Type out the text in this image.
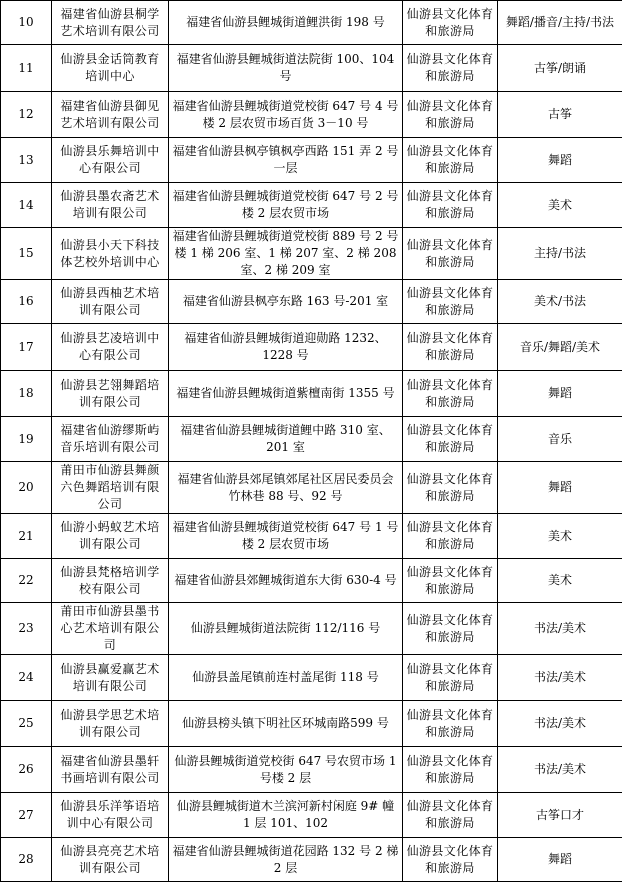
10	福建省仙游县桐学艺术培训有限公司	福建省仙游县鲤城街道鲤洪街 198 号	仙游县文化体育和旅游局	舞蹈/播音/主持/书法
11	仙游县金话筒教育培训中心	福建省仙游县鲤城街道法院街 100、104 号	仙游县文化体育和旅游局	古筝/朗诵
12	福建省仙游县御见艺术培训有限公司	福建省仙游县鲤城街道党校街 647 号 4 号楼 2 层农贸市场百货 3－10 号	仙游县文化体育和旅游局	古筝
13	仙游县乐舞培训中心有限公司	福建省仙游县枫亭镇枫亭西路 151 弄 2 号一层	仙游县文化体育和旅游局	舞蹈
14	仙游县墨农斋艺术培训有限公司	福建省仙游县鲤城街道党校街 647 号 2 号楼 2 层农贸市场	仙游县文化体育和旅游局	美术
15	仙游县小天下科技体艺校外培训中心	福建省仙游县鲤城街道党校街 889 号 2 号楼 1 梯 206 室、1 梯 207 室、2 梯 208 室、2 梯 209 室	仙游县文化体育和旅游局	主持/书法
16	仙游县西柚艺术培训有限公司	福建省仙游县枫亭东路 163 号-201 室	仙游县文化体育和旅游局	美术/书法
17	仙游县艺凌培训中心有限公司	福建省仙游县鲤城街道迎勋路 1232、1228 号	仙游县文化体育和旅游局	音乐/舞蹈/美术
18	仙游县艺翎舞蹈培训有限公司	福建省仙游县鲤城街道紫檀南街 1355 号	仙游县文化体育和旅游局	舞蹈
19	福建省仙游缪斯屿音乐培训有限公司	福建省仙游县鲤城街道鲤中路 310 室、201 室	仙游县文化体育和旅游局	音乐
20	莆田市仙游县舞颜六色舞蹈培训有限公司	福建省仙游县郊尾镇郊尾社区居民委员会竹林巷 88 号、92 号	仙游县文化体育和旅游局	舞蹈
21	仙游小蚂蚁艺术培训有限公司	福建省仙游县鲤城街道党校街 647 号 1 号楼 2 层农贸市场	仙游县文化体育和旅游局	美术
22	仙游县梵格培训学校有限公司	福建省仙游县郊鲤城街道东大街 630-4 号	仙游县文化体育和旅游局	美术
23	莆田市仙游县墨书心艺术培训有限公司	仙游县鲤城街道法院街 112/116 号	仙游县文化体育和旅游局	书法/美术
24	仙游县赢爱赢艺术培训有限公司	仙游县盖尾镇前连村盖尾街 118 号	仙游县文化体育和旅游局	书法/美术
25	仙游县学思艺术培训有限公司	仙游县榜头镇下明社区环城南路599 号	仙游县文化体育和旅游局	书法/美术
26	福建省仙游县墨轩书画培训有限公司	仙游县鲤城街道党校街 647 号农贸市场 1 号楼 2 层	仙游县文化体育和旅游局	书法/美术
27	仙游县乐洋筝语培训中心有限公司	仙游县鲤城街道木兰滨河新村闲庭 9# 幢 1 层 101、102	仙游县文化体育和旅游局	古筝口才
28	仙游县亮亮艺术培训有限公司	福建省仙游县鲤城街道花园路 132 号 2 梯 2 层	仙游县文化体育和旅游局	舞蹈
